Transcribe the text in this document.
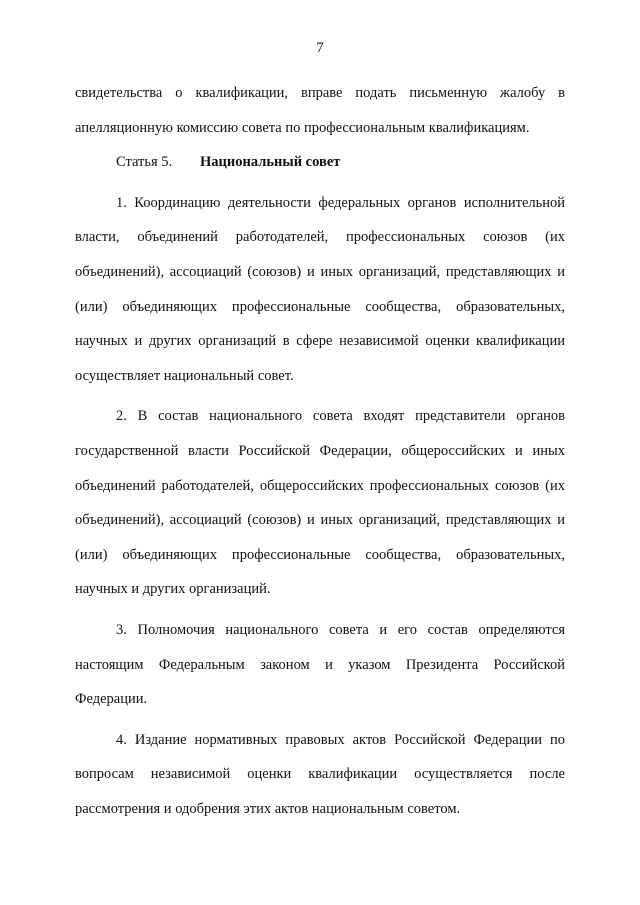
7

свидетельства о квалификации, вправе подать письменную жалобу в апелляционную комиссию совета по профессиональным квалификациям.

Статья 5. Национальный совет

1. Координацию деятельности федеральных органов исполнительной власти, объединений работодателей, профессиональных союзов (их объединений), ассоциаций (союзов) и иных организаций, представляющих и (или) объединяющих профессиональные сообщества, образовательных, научных и других организаций в сфере независимой оценки квалификации осуществляет национальный совет.

2. В состав национального совета входят представители органов государственной власти Российской Федерации, общероссийских и иных объединений работодателей, общероссийских профессиональных союзов (их объединений), ассоциаций (союзов) и иных организаций, представляющих и (или) объединяющих профессиональные сообщества, образовательных, научных и других организаций.

3. Полномочия национального совета и его состав определяются настоящим Федеральным законом и указом Президента Российской Федерации.

4. Издание нормативных правовых актов Российской Федерации по вопросам независимой оценки квалификации осуществляется после рассмотрения и одобрения этих актов национальным советом.
